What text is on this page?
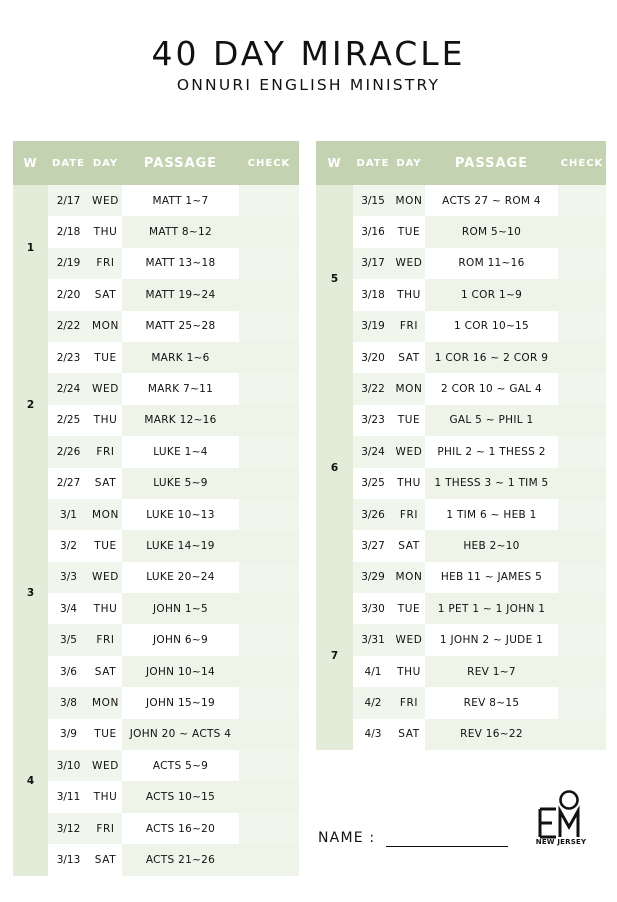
40 DAY MIRACLE
ONNURI ENGLISH MINISTRY
W	DATE	DAY	PASSAGE	CHECK
1	2/17	WED	MATT 1~7	
	2/18	THU	MATT 8~12	
	2/19	FRI	MATT 13~18	
	2/20	SAT	MATT 19~24	
2	2/22	MON	MATT 25~28	
	2/23	TUE	MARK 1~6	
	2/24	WED	MARK 7~11	
	2/25	THU	MARK 12~16	
	2/26	FRI	LUKE 1~4	
	2/27	SAT	LUKE 5~9	
3	3/1	MON	LUKE 10~13	
	3/2	TUE	LUKE 14~19	
	3/3	WED	LUKE 20~24	
	3/4	THU	JOHN 1~5	
	3/5	FRI	JOHN 6~9	
	3/6	SAT	JOHN 10~14	
4	3/8	MON	JOHN 15~19	
	3/9	TUE	JOHN 20 ~ ACTS 4	
	3/10	WED	ACTS 5~9	
	3/11	THU	ACTS 10~15	
	3/12	FRI	ACTS 16~20	
	3/13	SAT	ACTS 21~26	
W	DATE	DAY	PASSAGE	CHECK
5	3/15	MON	ACTS 27 ~ ROM 4	
	3/16	TUE	ROM 5~10	
	3/17	WED	ROM 11~16	
	3/18	THU	1 COR 1~9	
	3/19	FRI	1 COR 10~15	
	3/20	SAT	1 COR 16 ~ 2 COR 9	
6	3/22	MON	2 COR 10 ~ GAL 4	
	3/23	TUE	GAL 5 ~ PHIL 1	
	3/24	WED	PHIL 2 ~ 1 THESS 2	
	3/25	THU	1 THESS 3 ~ 1 TIM 5	
	3/26	FRI	1 TIM 6 ~ HEB 1	
	3/27	SAT	HEB 2~10	
7	3/29	MON	HEB 11 ~ JAMES 5	
	3/30	TUE	1 PET 1 ~ 1 JOHN 1	
	3/31	WED	1 JOHN 2 ~ JUDE 1	
	4/1	THU	REV 1~7	
	4/2	FRI	REV 8~15	
	4/3	SAT	REV 16~22	
NAME :	NEW JERSEY
